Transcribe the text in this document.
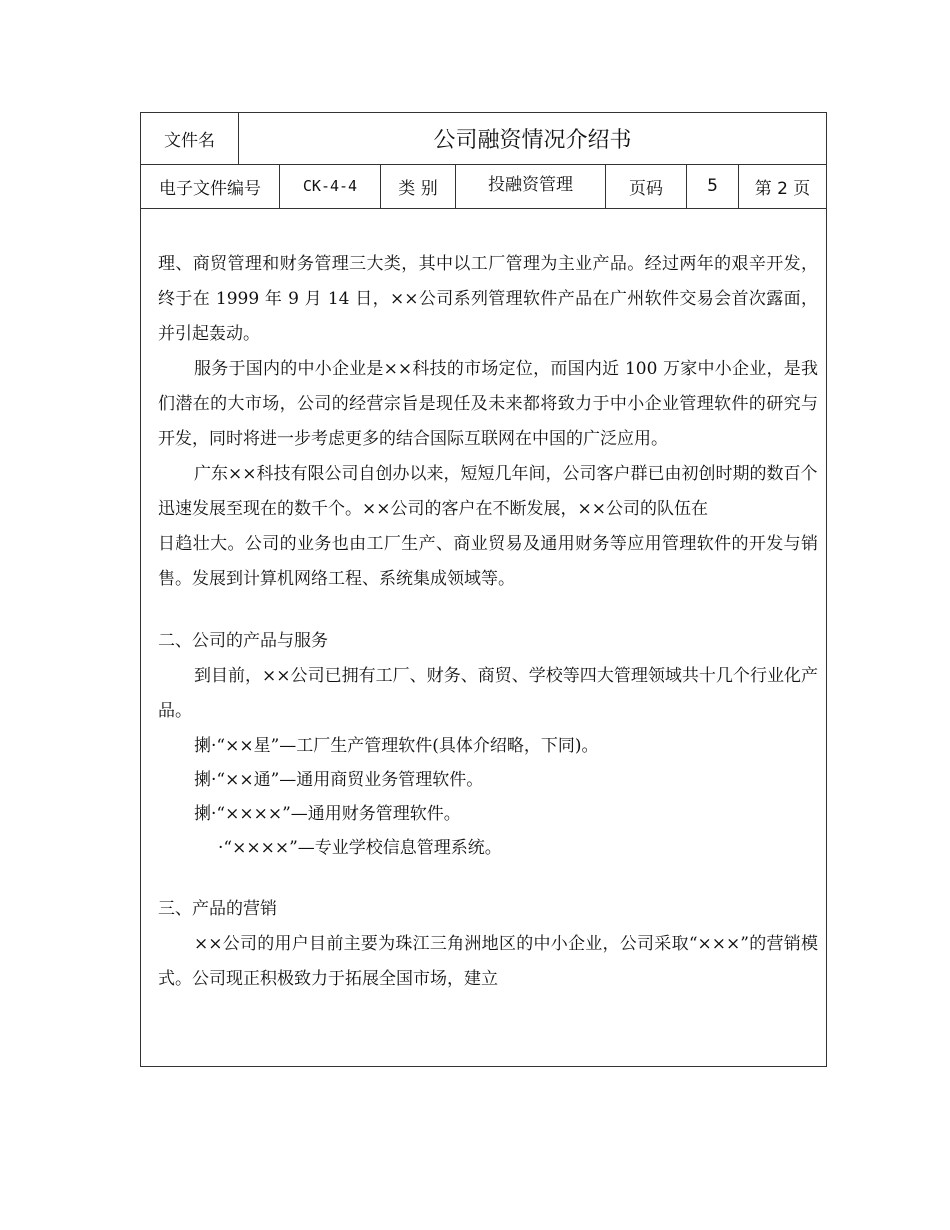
文件名	公司融资情况介绍书
电子文件编号	CK-4-4	类 别	投融资管理	页码	5	第 2 页

理、商贸管理和财务管理三大类，其中以工厂管理为主业产品。经过两年的艰辛开发，终于在 1999 年 9 月 14 日，××公司系列管理软件产品在广州软件交易会首次露面，并引起轰动。

服务于国内的中小企业是××科技的市场定位，而国内近 100 万家中小企业，是我们潜在的大市场，公司的经营宗旨是现任及未来都将致力于中小企业管理软件的研究与开发，同时将进一步考虑更多的结合国际互联网在中国的广泛应用。

广东××科技有限公司自创办以来，短短几年间，公司客户群已由初创时期的数百个迅速发展至现在的数千个。××公司的客户在不断发展，××公司的队伍在

日趋壮大。公司的业务也由工厂生产、商业贸易及通用财务等应用管理软件的开发与销售。发展到计算机网络工程、系统集成领域等。

二、公司的产品与服务

到目前，××公司已拥有工厂、财务、商贸、学校等四大管理领域共十几个行业化产品。

揦·“××星”—工厂生产管理软件(具体介绍略，下同)。

揦·“××通”—通用商贸业务管理软件。

揦·“××××”—通用财务管理软件。

·“××××”—专业学校信息管理系统。

三、产品的营销

××公司的用户目前主要为珠江三角洲地区的中小企业，公司采取“×××”的营销模式。公司现正积极致力于拓展全国市场，建立
